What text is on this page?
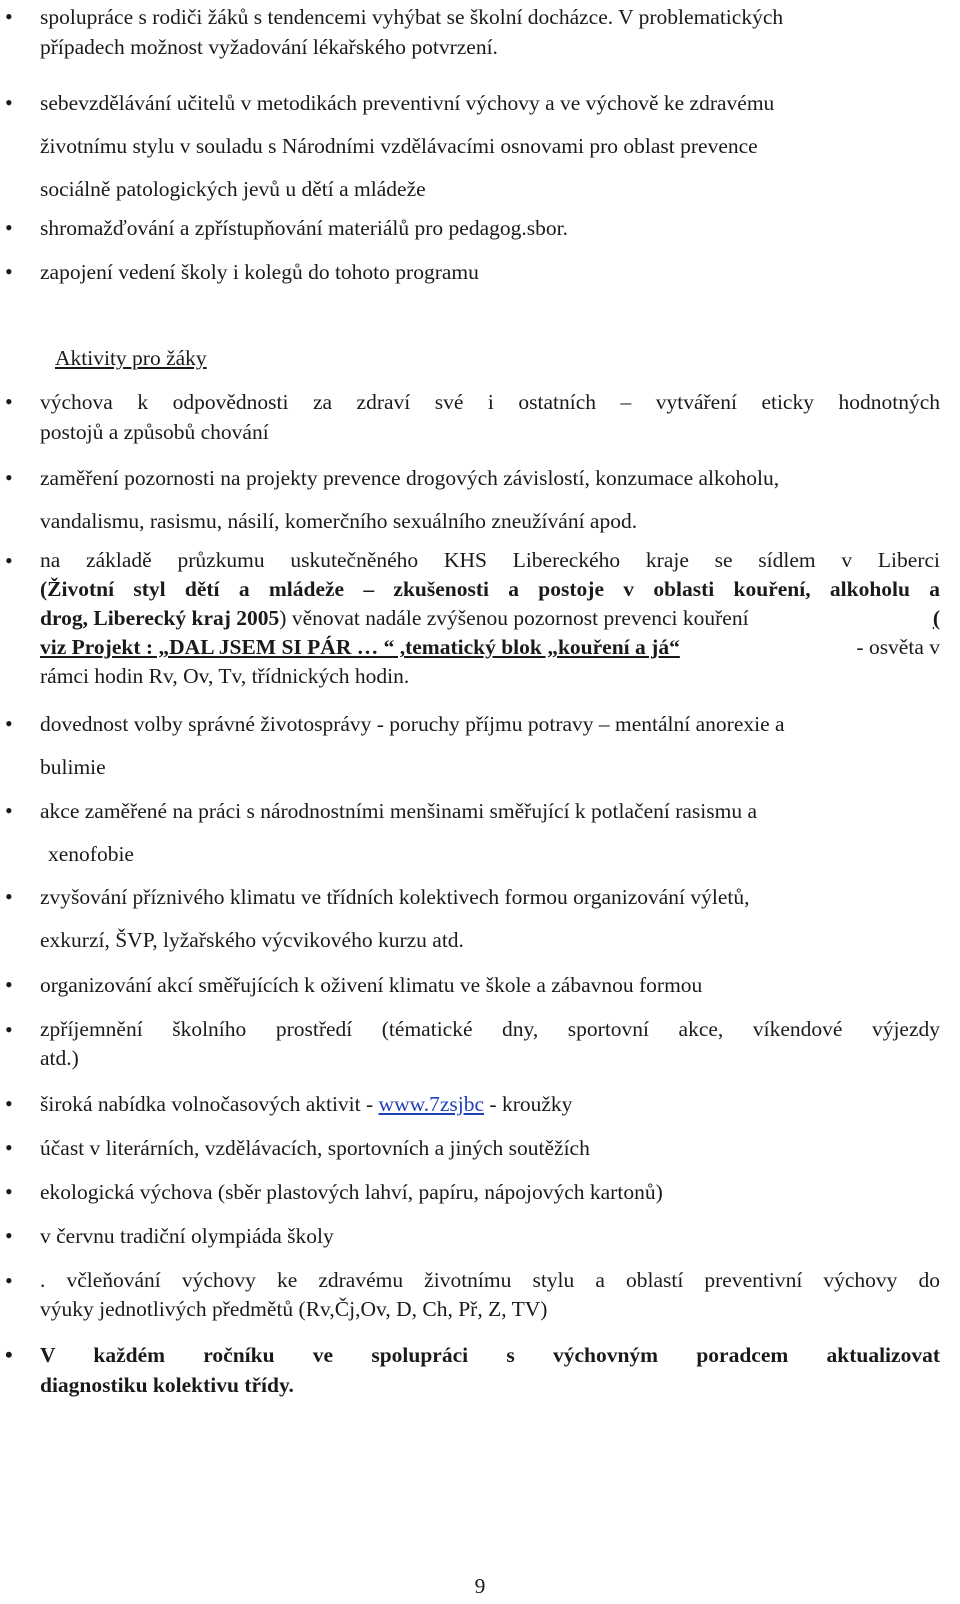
• spolupráce s rodiči žáků s tendencemi vyhýbat se školní docházce. V problematických
případech možnost vyžadování lékařského potvrzení.
• sebevzdělávání učitelů v metodikách preventivní výchovy a ve výchově ke zdravému
životnímu stylu v souladu s Národními vzdělávacími osnovami pro oblast prevence
sociálně patologických jevů u dětí a mládeže
• shromažďování a zpřístupňování materiálů pro pedagog.sbor.
• zapojení vedení školy i kolegů do tohoto programu
Aktivity pro žáky
• výchova k odpovědnosti za zdraví své i ostatních – vytváření eticky hodnotných
postojů a způsobů chování
• zaměření pozornosti na projekty prevence drogových závislostí, konzumace alkoholu,
vandalismu, rasismu, násilí, komerčního sexuálního zneužívání apod.
• na základě průzkumu uskutečněného KHS Libereckého kraje se sídlem v Liberci
(Životní styl dětí a mládeže – zkušenosti a postoje v oblasti kouření, alkoholu a
drog, Liberecký kraj 2005) věnovat nadále zvýšenou pozornost prevenci kouření	(
viz Projekt : „DAL JSEM SI PÁR … “ ,tematický blok „kouření a já“	- osvěta v
rámci hodin Rv, Ov, Tv, třídnických hodin.
• dovednost volby správné životosprávy - poruchy příjmu potravy – mentální anorexie a
bulimie
• akce zaměřené na práci s národnostními menšinami směřující k potlačení rasismu a
xenofobie
• zvyšování příznivého klimatu ve třídních kolektivech formou organizování výletů,
exkurzí, ŠVP, lyžařského výcvikového kurzu atd.
• organizování akcí směřujících k oživení klimatu ve škole a zábavnou formou
• zpříjemnění školního prostředí (tématické dny, sportovní akce, víkendové výjezdy
atd.)
• široká nabídka volnočasových aktivit - www.7zsjbc - kroužky
• účast v literárních, vzdělávacích, sportovních a jiných soutěžích
• ekologická výchova (sběr plastových lahví, papíru, nápojových kartonů)
• v červnu tradiční olympiáda školy
• . včleňování výchovy ke zdravému životnímu stylu a oblastí preventivní výchovy do
výuky jednotlivých předmětů (Rv,Čj,Ov, D, Ch, Př, Z, TV)
• V každém ročníku ve spolupráci s výchovným poradcem aktualizovat
diagnostiku kolektivu třídy.
9
